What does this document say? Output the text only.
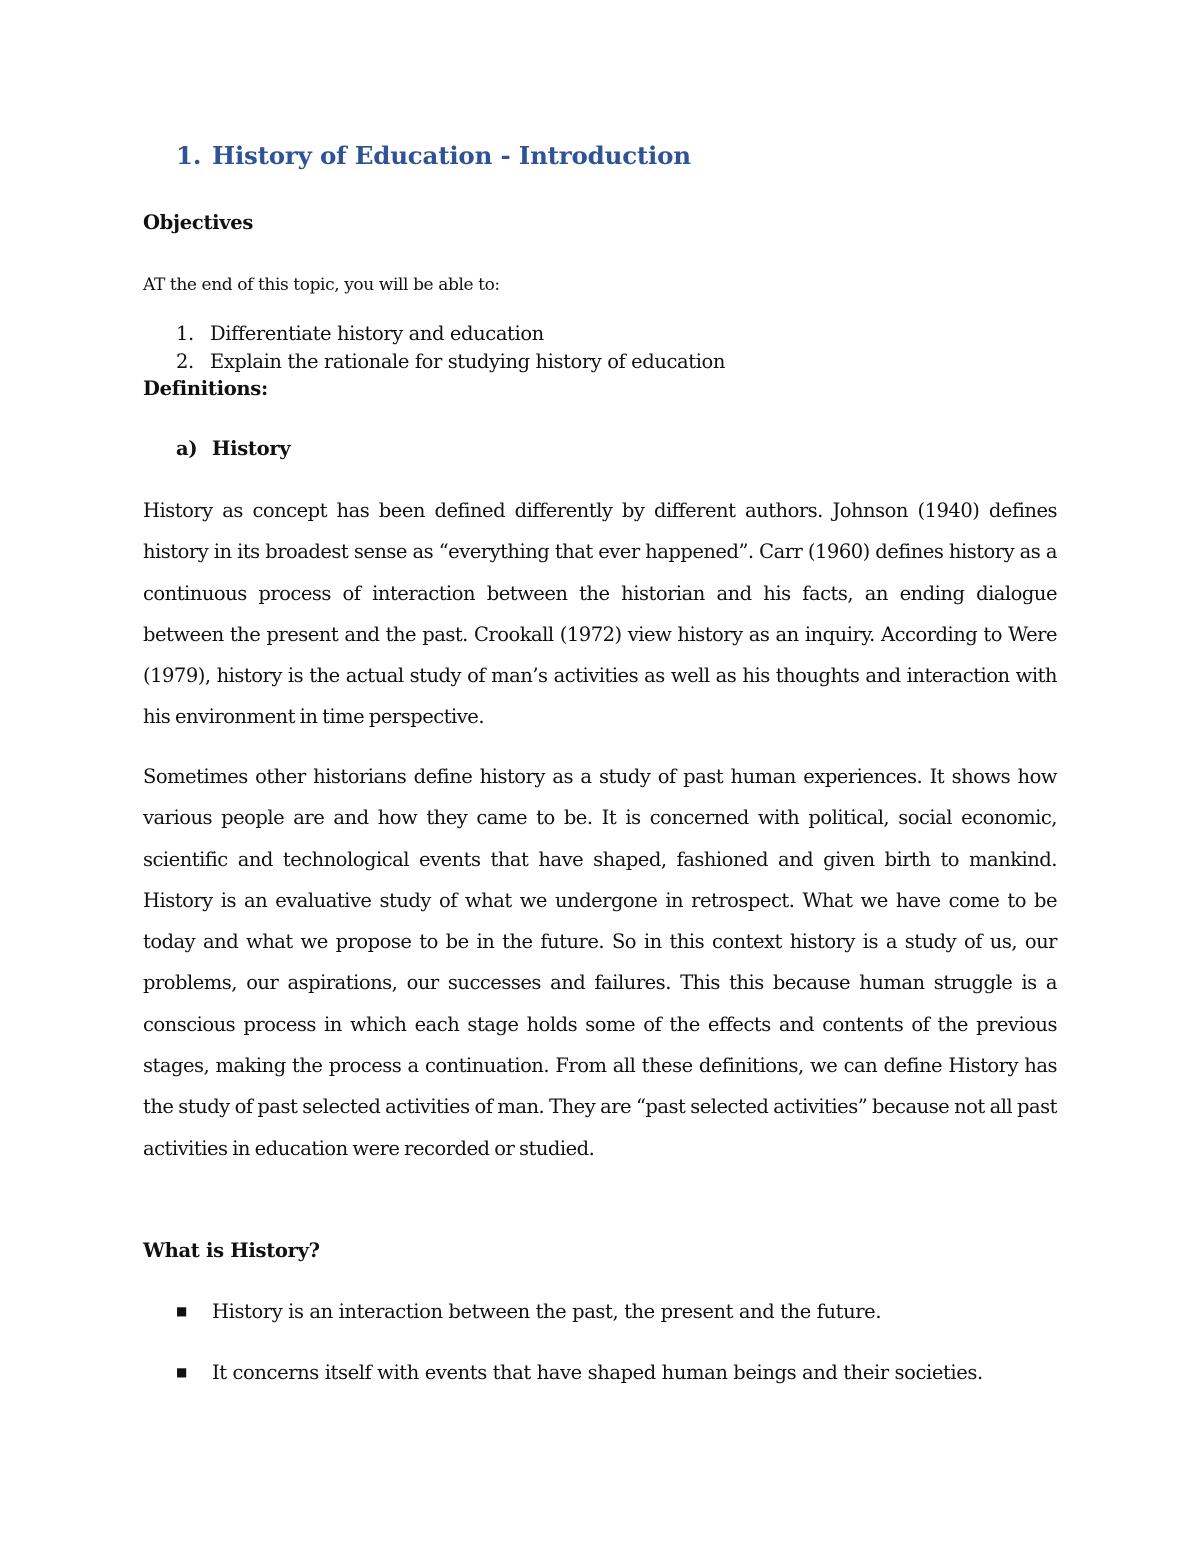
1. History of Education - Introduction
Objectives

AT the end of this topic, you will be able to:

1. Differentiate history and education
2. Explain the rationale for studying history of education
Definitions:
a) History

History as concept has been defined differently by different authors. Johnson (1940) defines history in its broadest sense as “everything that ever happened”. Carr (1960) defines history as a continuous process of interaction between the historian and his facts, an ending dialogue between the present and the past. Crookall (1972) view history as an inquiry. According to Were (1979), history is the actual study of man’s activities as well as his thoughts and interaction with his environment in time perspective.

Sometimes other historians define history as a study of past human experiences. It shows how various people are and how they came to be. It is concerned with political, social economic, scientific and technological events that have shaped, fashioned and given birth to mankind. History is an evaluative study of what we undergone in retrospect. What we have come to be today and what we propose to be in the future. So in this context history is a study of us, our problems, our aspirations, our successes and failures. This this because human struggle is a conscious process in which each stage holds some of the effects and contents of the previous stages, making the process a continuation. From all these definitions, we can define History has the study of past selected activities of man. They are “past selected activities” because not all past activities in education were recorded or studied.

What is History?
■ History is an interaction between the past, the present and the future.
■ It concerns itself with events that have shaped human beings and their societies.
